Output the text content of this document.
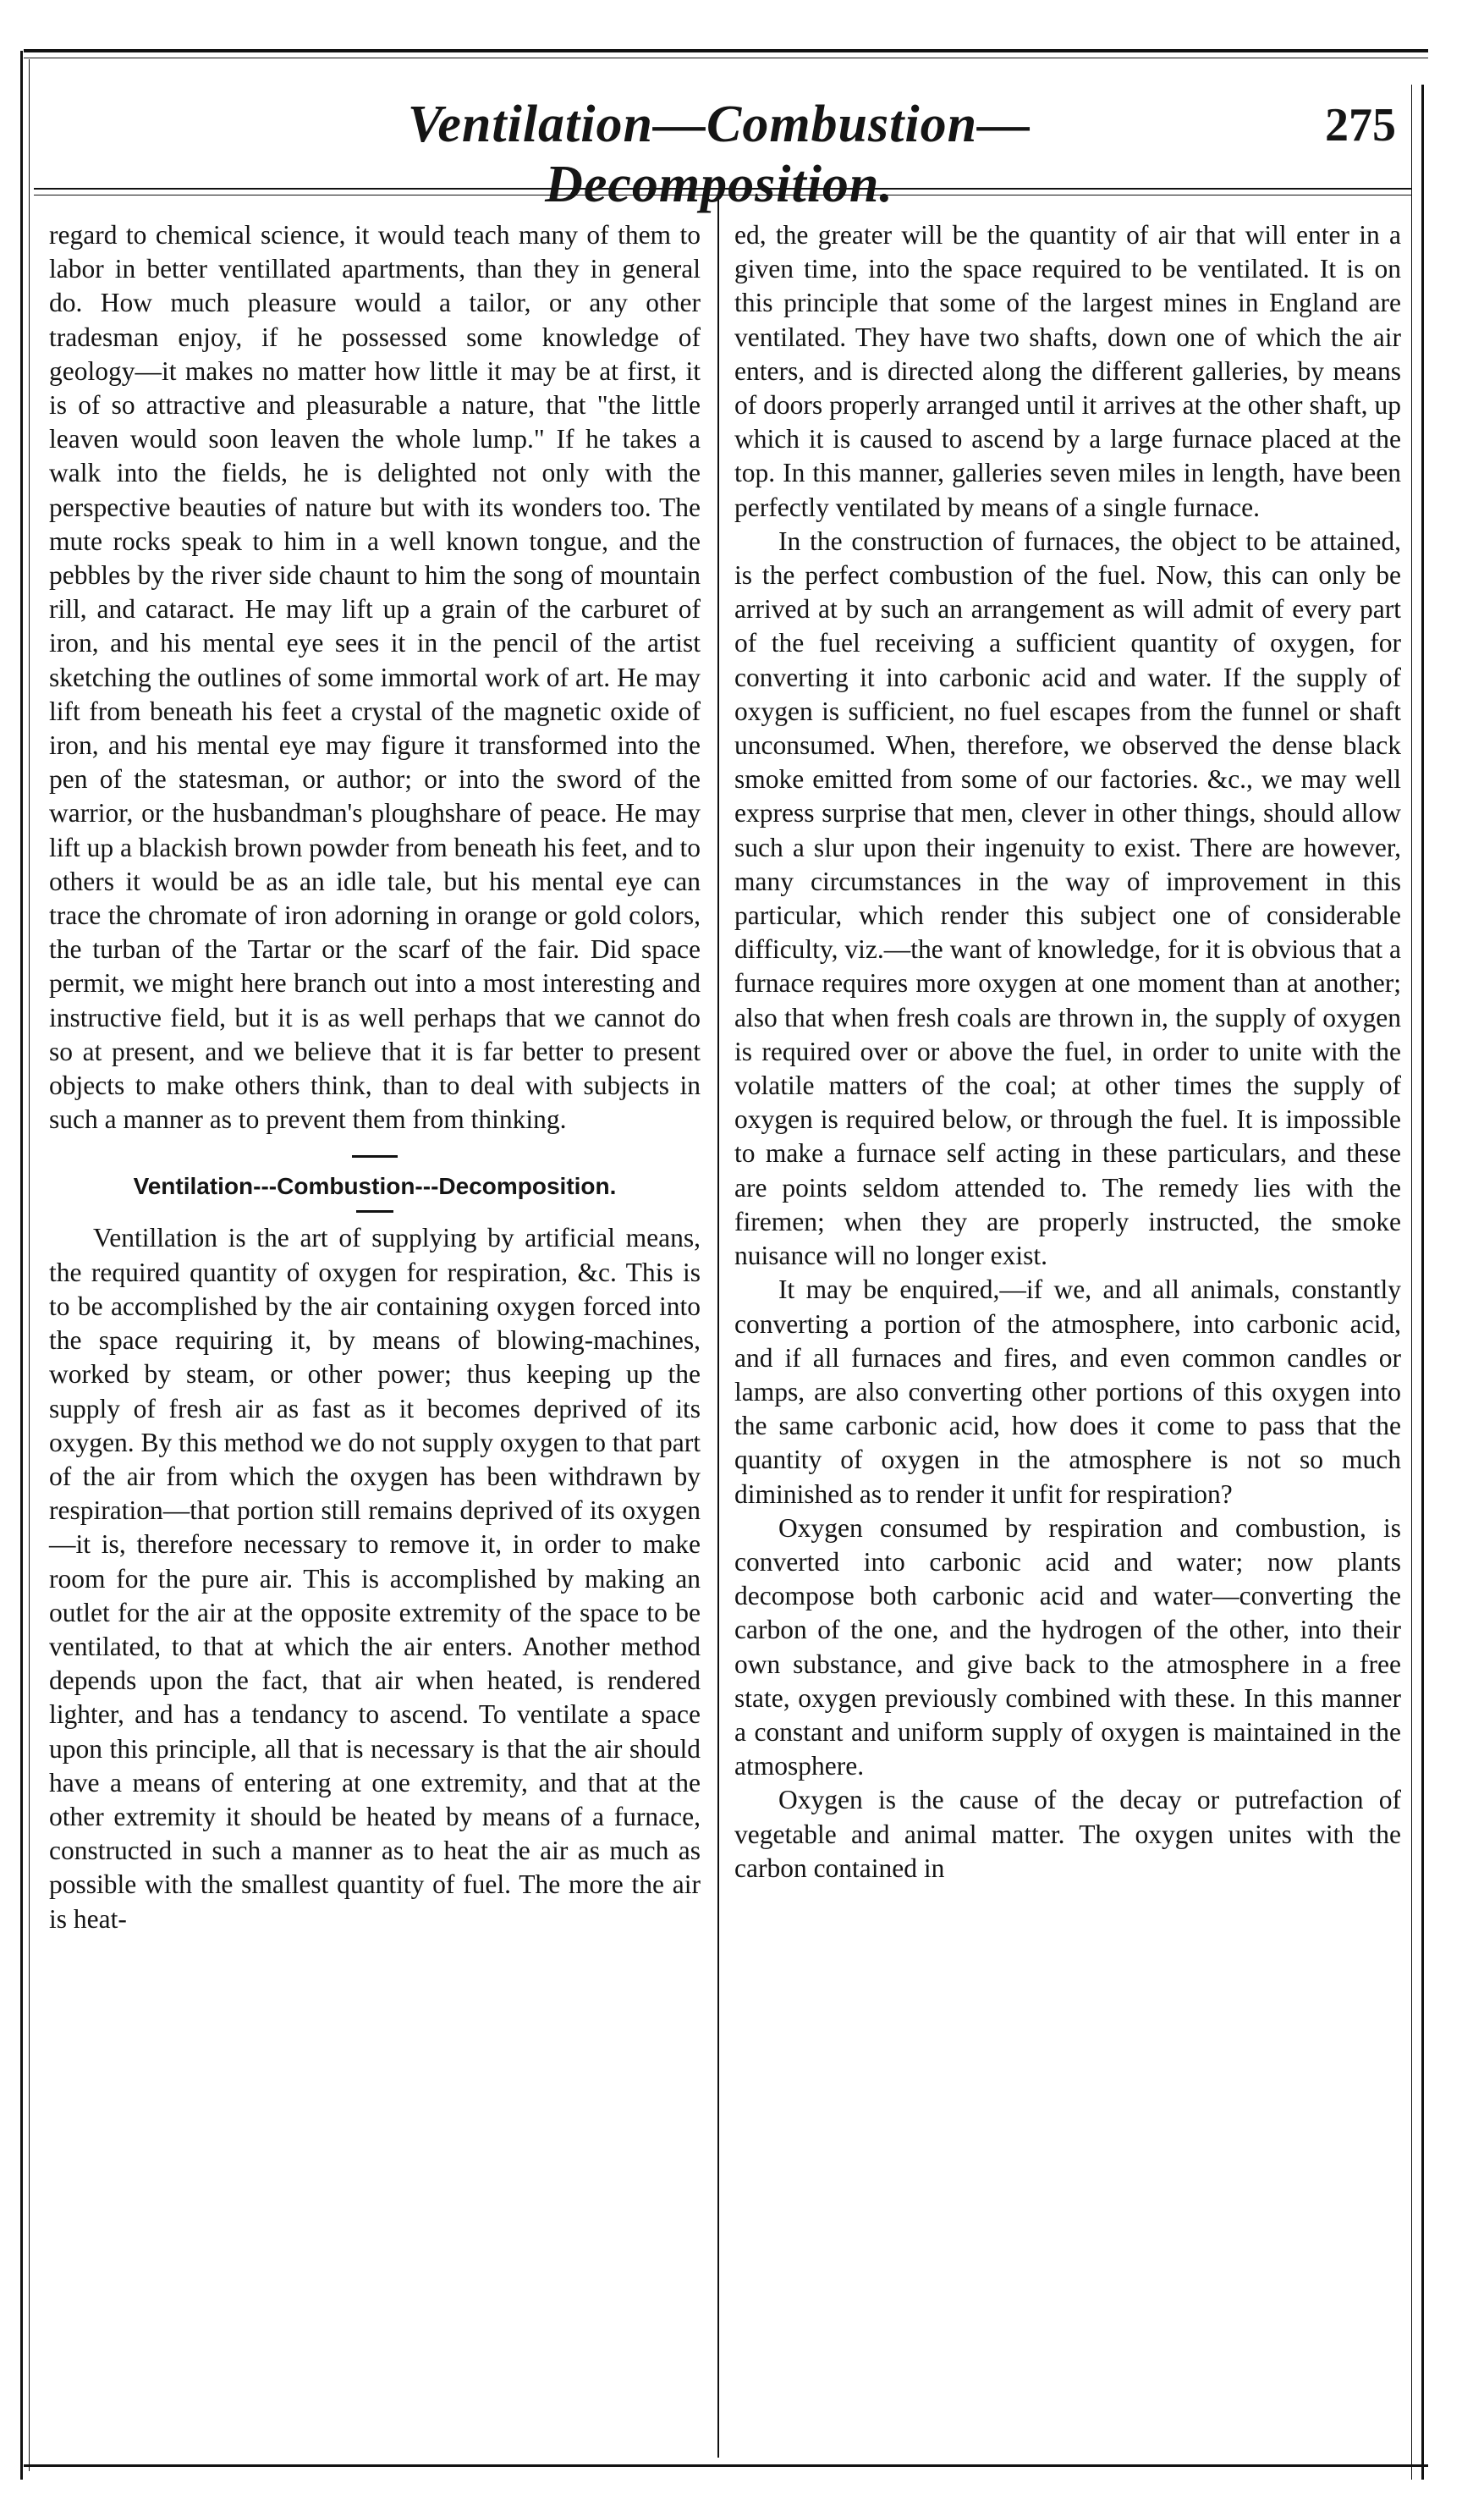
Ventilation—Combustion—Decomposition.
275

regard to chemical science, it would teach many of them to labor in better ventillated apartments, than they in general do. How much pleasure would a tailor, or any other tradesman enjoy, if he possessed some knowledge of geology—it makes no matter how little it may be at first, it is of so attractive and pleasurable a nature, that "the little leaven would soon leaven the whole lump." If he takes a walk into the fields, he is delighted not only with the perspective beauties of nature but with its wonders too. The mute rocks speak to him in a well known tongue, and the pebbles by the river side chaunt to him the song of mountain rill, and cataract. He may lift up a grain of the carburet of iron, and his mental eye sees it in the pencil of the artist sketching the outlines of some immortal work of art. He may lift from beneath his feet a crystal of the magnetic oxide of iron, and his mental eye may figure it transformed into the pen of the statesman, or author; or into the sword of the warrior, or the husbandman's ploughshare of peace. He may lift up a blackish brown powder from beneath his feet, and to others it would be as an idle tale, but his mental eye can trace the chromate of iron adorning in orange or gold colors, the turban of the Tartar or the scarf of the fair. Did space permit, we might here branch out into a most interesting and instructive field, but it is as well perhaps that we cannot do so at present, and we believe that it is far better to present objects to make others think, than to deal with subjects in such a manner as to prevent them from thinking.

Ventilation---Combustion---Decomposition.

Ventillation is the art of supplying by artificial means, the required quantity of oxygen for respiration, &c. This is to be accomplished by the air containing oxygen forced into the space requiring it, by means of blowing-machines, worked by steam, or other power; thus keeping up the supply of fresh air as fast as it becomes deprived of its oxygen. By this method we do not supply oxygen to that part of the air from which the oxygen has been withdrawn by respiration—that portion still remains deprived of its oxygen—it is, therefore necessary to remove it, in order to make room for the pure air. This is accomplished by making an outlet for the air at the opposite extremity of the space to be ventilated, to that at which the air enters. Another method depends upon the fact, that air when heated, is rendered lighter, and has a tendancy to ascend. To ventilate a space upon this principle, all that is necessary is that the air should have a means of entering at one extremity, and that at the other extremity it should be heated by means of a furnace, constructed in such a manner as to heat the air as much as possible with the smallest quantity of fuel. The more the air is heat-

ed, the greater will be the quantity of air that will enter in a given time, into the space required to be ventilated. It is on this principle that some of the largest mines in England are ventilated. They have two shafts, down one of which the air enters, and is directed along the different galleries, by means of doors properly arranged until it arrives at the other shaft, up which it is caused to ascend by a large furnace placed at the top. In this manner, galleries seven miles in length, have been perfectly ventilated by means of a single furnace.

In the construction of furnaces, the object to be attained, is the perfect combustion of the fuel. Now, this can only be arrived at by such an arrangement as will admit of every part of the fuel receiving a sufficient quantity of oxygen, for converting it into carbonic acid and water. If the supply of oxygen is sufficient, no fuel escapes from the funnel or shaft unconsumed. When, therefore, we observed the dense black smoke emitted from some of our factories. &c., we may well express surprise that men, clever in other things, should allow such a slur upon their ingenuity to exist. There are however, many circumstances in the way of improvement in this particular, which render this subject one of considerable difficulty, viz.—the want of knowledge, for it is obvious that a furnace requires more oxygen at one moment than at another; also that when fresh coals are thrown in, the supply of oxygen is required over or above the fuel, in order to unite with the volatile matters of the coal; at other times the supply of oxygen is required below, or through the fuel. It is impossible to make a furnace self acting in these particulars, and these are points seldom attended to. The remedy lies with the firemen; when they are properly instructed, the smoke nuisance will no longer exist.

It may be enquired,—if we, and all animals, constantly converting a portion of the atmosphere, into carbonic acid, and if all furnaces and fires, and even common candles or lamps, are also converting other portions of this oxygen into the same carbonic acid, how does it come to pass that the quantity of oxygen in the atmosphere is not so much diminished as to render it unfit for respiration?

Oxygen consumed by respiration and combustion, is converted into carbonic acid and water; now plants decompose both carbonic acid and water—converting the carbon of the one, and the hydrogen of the other, into their own substance, and give back to the atmosphere in a free state, oxygen previously combined with these. In this manner a constant and uniform supply of oxygen is maintained in the atmosphere.

Oxygen is the cause of the decay or putrefaction of vegetable and animal matter. The oxygen unites with the carbon contained in
